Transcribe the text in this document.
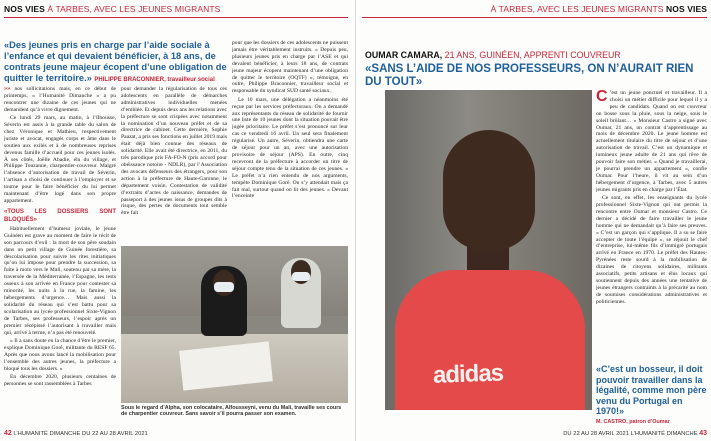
NOS VIES À TARBES, AVEC LES JEUNES MIGRANTS	À TARBES, AVEC LES JEUNES MIGRANTS NOS VIES
«Des jeunes pris en charge par l’aide sociale à l’enfance et qui devaient bénéficier, à 18 ans, de contrats jeune majeur écopent d’une obligation de quitter le territoire.» PHILIPPE BRACONNIER, travailleur social

»» nos sollicitations mais, en ce début de printemps, « l’Humanité Dimanche » a pu rencontrer une dizaine de ces jeunes qui ne demandent qu’à vivre dignement.

Ce lundi 29 mars, au matin, à l’Ilhousse, Séverin est assis à la grande table du salon de chez Véronique et Mathieu, respectivement juriste et avocat, engagés corps et âme dans le soutien aux exilés et à de nombreuses reprises devenus famille d’accueil pour ces jeunes isolés. À ses côtés, Joëlle Abadie, élu du village, et Philippe Touzanne, charpentier-couvreur. Malgré l’absence d’autorisation de travail de Séverin, l’artisan a choisi de continuer à l’employer et se tourne pour le faire bénéficier du lui permet maintenant d’être logé dans son propre appartement.

«TOUS LES DOSSIERS SONT BLOQUÉS»

Habituellement d’humeur joviale, le jeune Guinéen est grave au moment de faire le récit de son parcours d’exil : la mort de son père soudain dans un petit village de Guinée forestière, sa déscolarisation pour suivre les rites initiatiques qu’on lui impose pour prendre la succession, sa fuite à moto vers le Mali, soutenu par sa mère, la traversée de la Méditerranée, l’Espagne, les tests osseux à son arrivée en France pour contester sa minorité, les nuits à la rue, la famine, les hébergements d’urgence… Mais aussi la solidarité du réseau qui s’est battu pour sa scolarisation au lycée professionnel Sixte-Vignon de Tarbes, ses professeurs, l’espoir après un premier récépissé l’autorisant à travailler mais qui, arrivé à terme, n’a pas été renouvelé.

« Il a sans doute eu la chance d’être le premier, explique Dominique Gorê, militante du RESF 65. Après que nous avons lancé la mobilisation pour l’ensemble des autres jeunes, la préfecture a bloqué tous les dossiers. »

En décembre 2020, plusieurs centaines de personnes se sont rassemblées à Tarbes

pour demander la régularisation de tous ces adolescents en parallèle de démarches administratives individuelles menées d’emblée. Et depuis deux ans les relations avec la préfecture se sont crispées avec notamment la nomination d’un nouveau préfet et de sa directrice de cabinet. Cette dernière, Sophie Paazat, a pris ses fonctions en juillet 2019 mais était déjà bien connue des réseaux de solidarité. Elle avait été directrice, en 2011, du très parodique pris FA-FO-N (pris accord pour obéissance notoire - NDLR), par l’Association des avocats défenseurs des étrangers, pour son action à la préfecture de Haute-Garonne, le département voisin. Contestation de validité d’extraits d’actes de naissance, demandes de passeport à des jeunes issus de groupes dits à risque, des pertes de documents tout semble être fait

pour que les dossiers de ces adolescents ne puissent jamais être véritablement instruits. « Depuis peu, plusieurs jeunes pris en charge par l’ASE et qui devaient bénéficier, à leurs 18 ans, de contrats jeune majeur écopent maintenant d’une obligation de quitter le territoire (OQTF) », témoigne, en outre, Philippe Braconnier, travailleur social et responsable du syndicat SUD santé sociaux.

Le 10 mars, une délégation a néanmoins été reçue par les services préfectoraux. On a demandé aux représentants du réseau de solidarité de fournir une liste de 10 jeunes dont la situation pouvait être jugée prioritaire. Le préfet s’est prononcé sur leur cas ce vendredi 16 avril. Un seul sera finalement régularisé. Un autre, Séverin, obtiendra une carte de séjour pour un an, avec une autorisation provisoire de séjour (APS). En outre, cinq recevront de la préfecture à accorder un titre de séjour compte tenu de la situation de ces jeunes. « Le préfet n’a rien entendu de nos arguments, tempête Dominique Gorê. On s’y attendait mais ça fait mal, surtout quand on lit des jeunes. » Devant l’enceinte

Sous le regard d’Alpha, son colocataire, Alfousseyni, venu du Mali, travaille ses cours de charpentier couvreur. Sans savoir s’il pourra passer son examen.
OUMAR CAMARA, 21 ANS, GUINÉEN, APPRENTI COUVREUR
«SANS L’AIDE DE NOS PROFESSEURS, ON N’AURAIT RIEN DU TOUT»
adidas
C ’est un jeune ponctuel et travailleur. Il a choisi un métier difficile pour lequel il y a peu de candidats. Quand on est couvreur on bosse sous la pluie, sous la neige, sous le soleil brûlant… » Monsieur Castro a signé avec Oumar, 21 ans, un contrat d’apprentissage au mois de décembre 2020. Le jeune homme est actuellement titulaire du titre de séjour et d’une autorisation de travail. C’est un dynamique et lumineux jeune adulte de 21 ans qui rêve de pouvoir faire son métier. « Quand je travaillerai, je pourrai prendre un appartement », confie Oumar. Pour l’heure, il vit au sein d’un hébergement d’urgence, à Tarbes, avec 5 autres jeunes migrants pris en charge par l’État.

Ce sont, en effet, les enseignants du lycée professionnel Sixte-Vignon qui ont permis la rencontre entre Oumar et monsieur Castro. Ce dernier a décidé de faire travailler le jeune homme qui ne demandait qu’à faire ses preuves. « C’est un garçon qui s’applique. Il a su se faire accepter de toute l’équipe », se réjouit le chef d’entreprise, lui-même fils d’immigré portugais arrivé en France en 1970. Le préfet des Hautes-Pyrénées reste sourd à la mobilisation de dizaines de citoyens solidaires, militants associatifs, petits artisans et élus locaux qui soutiennent depuis des années une tentative de jeunes étrangers contraints à la précarité au nom de soumises considérations administratives et politiciennes.

«C’est un bosseur, il doit pouvoir travailler dans la légalité, comme mon père venu du Portugal en 1970!»
M. CASTRO, patron d’Oumar
42 L’HUMANITÉ DIMANCHE DU 22 AU 28 AVRIL 2021	DU 22 AU 28 AVRIL 2021 L’HUMANITÉ DIMANCHE 43
